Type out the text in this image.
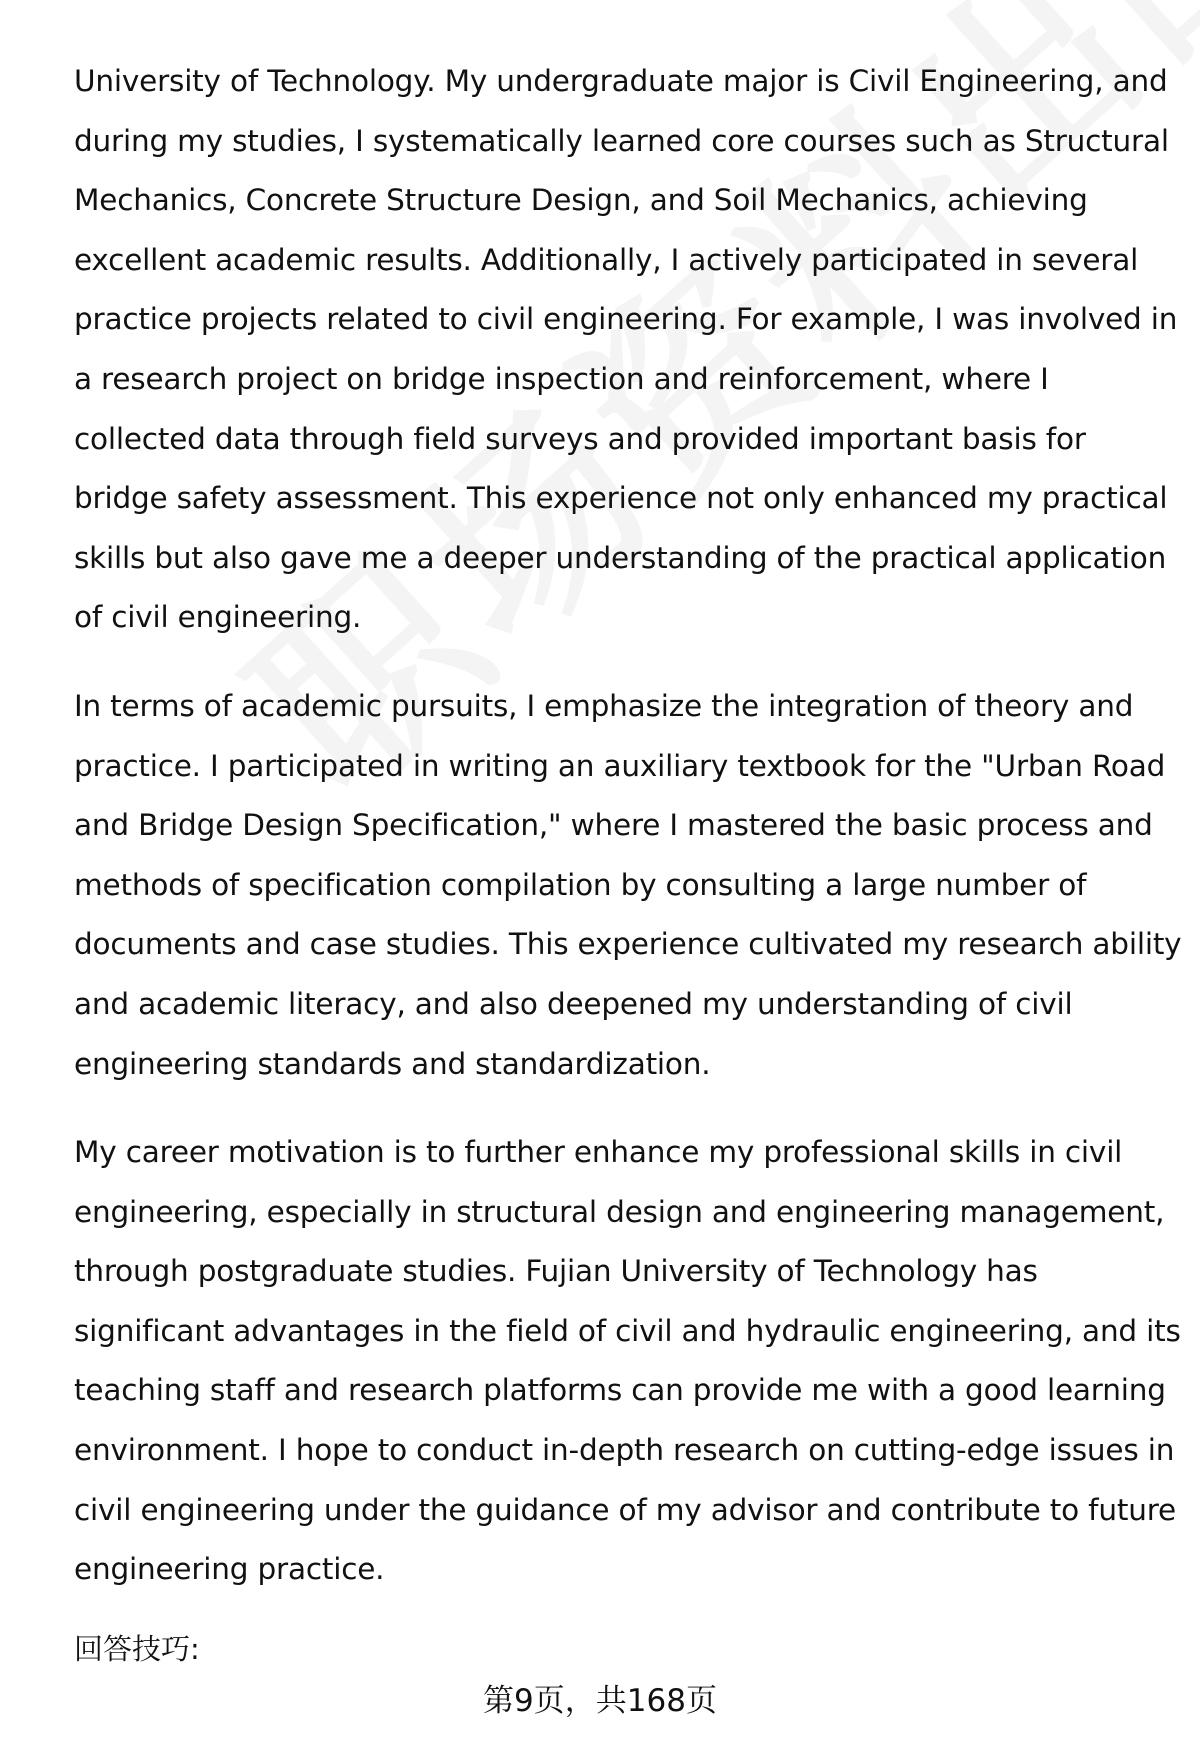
University of Technology. My undergraduate major is Civil Engineering, and
during my studies, I systematically learned core courses such as Structural
Mechanics, Concrete Structure Design, and Soil Mechanics, achieving
excellent academic results. Additionally, I actively participated in several
practice projects related to civil engineering. For example, I was involved in
a research project on bridge inspection and reinforcement, where I
collected data through field surveys and provided important basis for
bridge safety assessment. This experience not only enhanced my practical
skills but also gave me a deeper understanding of the practical application
of civil engineering.

In terms of academic pursuits, I emphasize the integration of theory and
practice. I participated in writing an auxiliary textbook for the "Urban Road
and Bridge Design Specification," where I mastered the basic process and
methods of specification compilation by consulting a large number of
documents and case studies. This experience cultivated my research ability
and academic literacy, and also deepened my understanding of civil
engineering standards and standardization.

My career motivation is to further enhance my professional skills in civil
engineering, especially in structural design and engineering management,
through postgraduate studies. Fujian University of Technology has
significant advantages in the field of civil and hydraulic engineering, and its
teaching staff and research platforms can provide me with a good learning
environment. I hope to conduct in-depth research on cutting-edge issues in
civil engineering under the guidance of my advisor and contribute to future
engineering practice.

回答技巧:
第9页，共168页
